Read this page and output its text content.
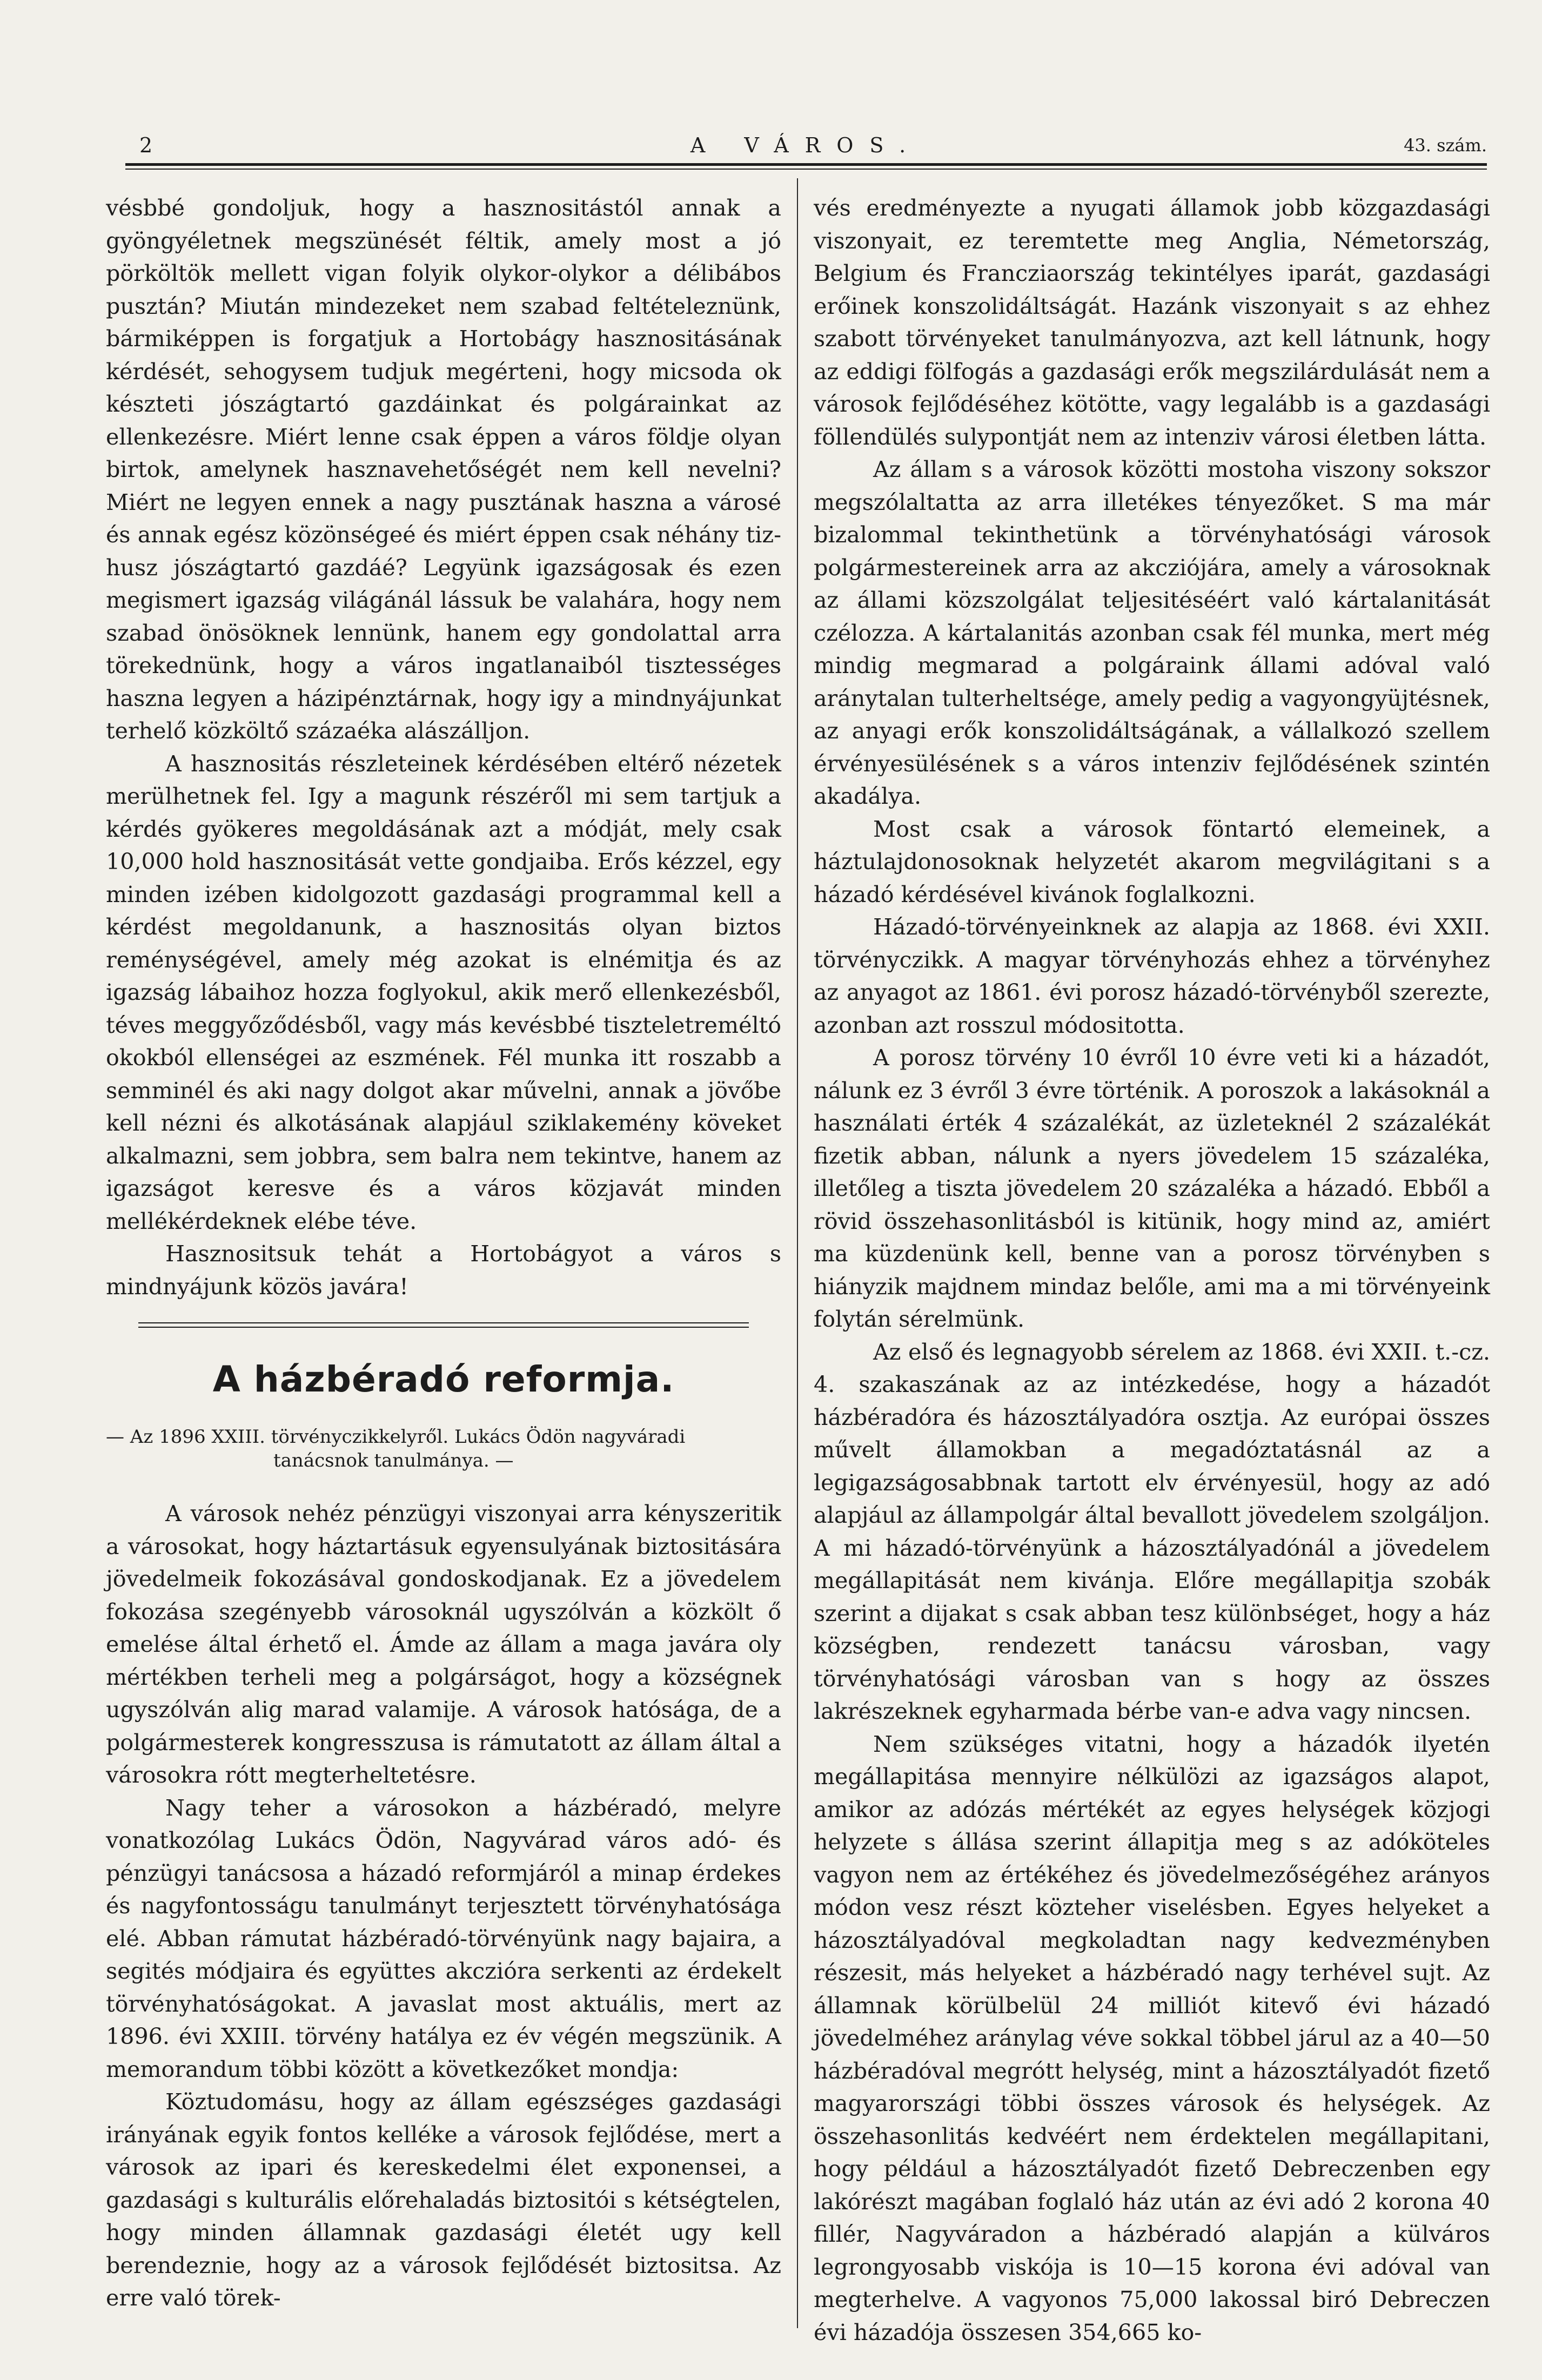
2	A VÁROS.	43. szám.

vésbbé gondoljuk, hogy a hasznositástól annak a gyöngyéletnek megszünését féltik, amely most a jó pörköltök mellett vigan folyik olykor-olykor a délibábos pusztán? Miután mindezeket nem szabad feltételeznünk, bármiképpen is forgatjuk a Hortobágy hasznositásának kérdését, sehogysem tudjuk megérteni, hogy micsoda ok készteti jószágtartó gazdáinkat és polgárainkat az ellenkezésre. Miért lenne csak éppen a város földje olyan birtok, amelynek hasznavehetőségét nem kell nevelni? Miért ne legyen ennek a nagy pusztának haszna a városé és annak egész közönségeé és miért éppen csak néhány tiz-husz jószágtartó gazdáé? Legyünk igazságosak és ezen megismert igazság világánál lássuk be valahára, hogy nem szabad önösöknek lennünk, hanem egy gondolattal arra törekednünk, hogy a város ingatlanaiból tisztességes haszna legyen a házipénztárnak, hogy igy a mindnyájunkat terhelő közköltő százaéka alászálljon.

A hasznositás részleteinek kérdésében eltérő nézetek merülhetnek fel. Igy a magunk részéről mi sem tartjuk a kérdés gyökeres megoldásának azt a módját, mely csak 10,000 hold hasznositását vette gondjaiba. Erős kézzel, egy minden izében kidolgozott gazdasági programmal kell a kérdést megoldanunk, a hasznositás olyan biztos reménységével, amely még azokat is elnémitja és az igazság lábaihoz hozza foglyokul, akik merő ellenkezésből, téves meggyőződésből, vagy más kevésbbé tiszteletreméltó okokból ellenségei az eszmének. Fél munka itt roszabb a semminél és aki nagy dolgot akar művelni, annak a jövőbe kell nézni és alkotásának alapjául sziklakemény köveket alkalmazni, sem jobbra, sem balra nem tekintve, hanem az igazságot keresve és a város közjavát minden mellékérdeknek elébe téve.

Hasznositsuk tehát a Hortobágyot a város s mindnyájunk közös javára!

A házbéradó reformja.
— Az 1896 XXIII. törvényczikkelyről. Lukács Ödön nagyváradi
tanácsnok tanulmánya. —

A városok nehéz pénzügyi viszonyai arra kényszeritik a városokat, hogy háztartásuk egyensulyának biztositására jövedelmeik fokozásával gondoskodjanak. Ez a jövedelem fokozása szegényebb városoknál ugyszólván a közkölt ő emelése által érhető el. Ámde az állam a maga javára oly mértékben terheli meg a polgárságot, hogy a községnek ugyszólván alig marad valamije. A városok hatósága, de a polgármesterek kongresszusa is rámutatott az állam által a városokra rótt megterheltetésre.

Nagy teher a városokon a házbéradó, melyre vonatkozólag Lukács Ödön, Nagyvárad város adó- és pénzügyi tanácsosa a házadó reformjáról a minap érdekes és nagyfontosságu tanulmányt terjesztett törvényhatósága elé. Abban rámutat házbéradó-törvényünk nagy bajaira, a segités módjaira és együttes akczióra serkenti az érdekelt törvényhatóságokat. A javaslat most aktuális, mert az 1896. évi XXIII. törvény hatálya ez év végén megszünik. A memorandum többi között a következőket mondja:

Köztudomásu, hogy az állam egészséges gazdasági irányának egyik fontos kelléke a városok fejlődése, mert a városok az ipari és kereskedelmi élet exponensei, a gazdasági s kulturális előrehaladás biztositói s kétségtelen, hogy minden államnak gazdasági életét ugy kell berendeznie, hogy az a városok fejlődését biztositsa. Az erre való törek-

vés eredményezte a nyugati államok jobb közgazdasági viszonyait, ez teremtette meg Anglia, Németország, Belgium és Francziaország tekintélyes iparát, gazdasági erőinek konszolidáltságát. Hazánk viszonyait s az ehhez szabott törvényeket tanulmányozva, azt kell látnunk, hogy az eddigi fölfogás a gazdasági erők megszilárdulását nem a városok fejlődéséhez kötötte, vagy legalább is a gazdasági föllendülés sulypontját nem az intenziv városi életben látta.

Az állam s a városok közötti mostoha viszony sokszor megszólaltatta az arra illetékes tényezőket. S ma már bizalommal tekinthetünk a törvényhatósági városok polgármestereinek arra az akcziójára, amely a városoknak az állami közszolgálat teljesitéséért való kártalanitását czélozza. A kártalanitás azonban csak fél munka, mert még mindig megmarad a polgáraink állami adóval való aránytalan tulterheltsége, amely pedig a vagyongyüjtésnek, az anyagi erők konszolidáltságának, a vállalkozó szellem érvényesülésének s a város intenziv fejlődésének szintén akadálya.

Most csak a városok föntartó elemeinek, a háztulajdonosoknak helyzetét akarom megvilágitani s a házadó kérdésével kivánok foglalkozni.

Házadó-törvényeinknek az alapja az 1868. évi XXII. törvényczikk. A magyar törvényhozás ehhez a törvényhez az anyagot az 1861. évi porosz házadó-törvényből szerezte, azonban azt rosszul módositotta.

A porosz törvény 10 évről 10 évre veti ki a házadót, nálunk ez 3 évről 3 évre történik. A poroszok a lakásoknál a használati érték 4 százalékát, az üzleteknél 2 százalékát fizetik abban, nálunk a nyers jövedelem 15 százaléka, illetőleg a tiszta jövedelem 20 százaléka a házadó. Ebből a rövid összehasonlitásból is kitünik, hogy mind az, amiért ma küzdenünk kell, benne van a porosz törvényben s hiányzik majdnem mindaz belőle, ami ma a mi törvényeink folytán sérelmünk.

Az első és legnagyobb sérelem az 1868. évi XXII. t.-cz. 4. szakaszának az az intézkedése, hogy a házadót házbéradóra és házosztályadóra osztja. Az európai összes művelt államokban a megadóztatásnál az a legigazságosabbnak tartott elv érvényesül, hogy az adó alapjául az állampolgár által bevallott jövedelem szolgáljon. A mi házadó-törvényünk a házosztályadónál a jövedelem megállapitását nem kivánja. Előre megállapitja szobák szerint a dijakat s csak abban tesz különbséget, hogy a ház községben, rendezett tanácsu városban, vagy törvényhatósági városban van s hogy az összes lakrészeknek egyharmada bérbe van-e adva vagy nincsen.

Nem szükséges vitatni, hogy a házadók ilyetén megállapitása mennyire nélkülözi az igazságos alapot, amikor az adózás mértékét az egyes helységek közjogi helyzete s állása szerint állapitja meg s az adóköteles vagyon nem az értékéhez és jövedelmezőségéhez arányos módon vesz részt közteher viselésben. Egyes helyeket a házosztályadóval megkoladtan nagy kedvezményben részesit, más helyeket a házbéradó nagy terhével sujt. Az államnak körülbelül 24 milliót kitevő évi házadó jövedelméhez aránylag véve sokkal többel járul az a 40—50 házbéradóval megrótt helység, mint a házosztályadót fizető magyarországi többi összes városok és helységek. Az összehasonlitás kedvéért nem érdektelen megállapitani, hogy például a házosztályadót fizető Debreczenben egy lakórészt magában foglaló ház után az évi adó 2 korona 40 fillér, Nagyváradon a házbéradó alapján a külváros legrongyosabb viskója is 10—15 korona évi adóval van megterhelve. A vagyonos 75,000 lakossal biró Debreczen évi házadója összesen 354,665 ko-
